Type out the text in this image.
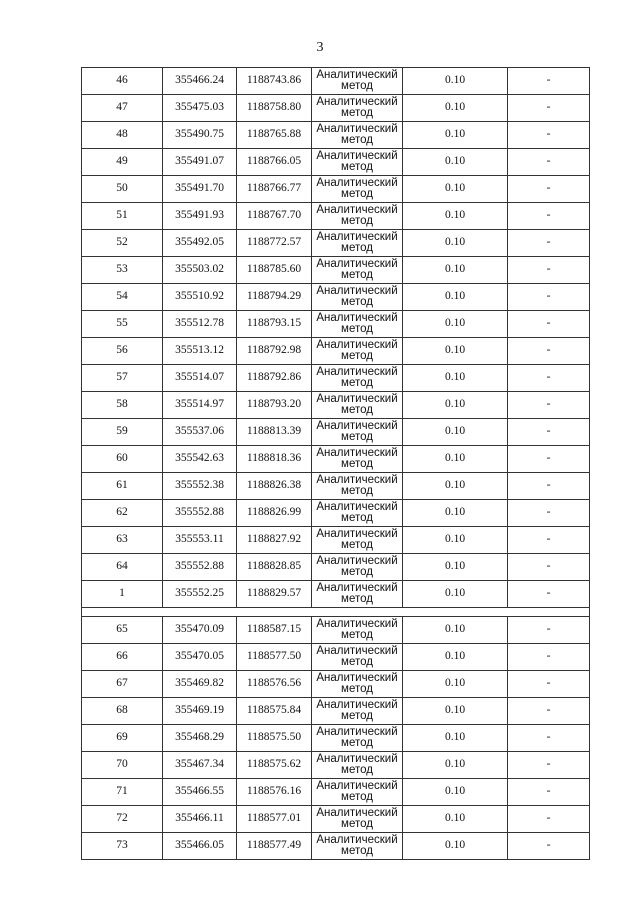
3
46	355466.24	1188743.86	Аналитический метод	0.10	-
47	355475.03	1188758.80	Аналитический метод	0.10	-
48	355490.75	1188765.88	Аналитический метод	0.10	-
49	355491.07	1188766.05	Аналитический метод	0.10	-
50	355491.70	1188766.77	Аналитический метод	0.10	-
51	355491.93	1188767.70	Аналитический метод	0.10	-
52	355492.05	1188772.57	Аналитический метод	0.10	-
53	355503.02	1188785.60	Аналитический метод	0.10	-
54	355510.92	1188794.29	Аналитический метод	0.10	-
55	355512.78	1188793.15	Аналитический метод	0.10	-
56	355513.12	1188792.98	Аналитический метод	0.10	-
57	355514.07	1188792.86	Аналитический метод	0.10	-
58	355514.97	1188793.20	Аналитический метод	0.10	-
59	355537.06	1188813.39	Аналитический метод	0.10	-
60	355542.63	1188818.36	Аналитический метод	0.10	-
61	355552.38	1188826.38	Аналитический метод	0.10	-
62	355552.88	1188826.99	Аналитический метод	0.10	-
63	355553.11	1188827.92	Аналитический метод	0.10	-
64	355552.88	1188828.85	Аналитический метод	0.10	-
1	355552.25	1188829.57	Аналитический метод	0.10	-

65	355470.09	1188587.15	Аналитический метод	0.10	-
66	355470.05	1188577.50	Аналитический метод	0.10	-
67	355469.82	1188576.56	Аналитический метод	0.10	-
68	355469.19	1188575.84	Аналитический метод	0.10	-
69	355468.29	1188575.50	Аналитический метод	0.10	-
70	355467.34	1188575.62	Аналитический метод	0.10	-
71	355466.55	1188576.16	Аналитический метод	0.10	-
72	355466.11	1188577.01	Аналитический метод	0.10	-
73	355466.05	1188577.49	Аналитический метод	0.10	-
